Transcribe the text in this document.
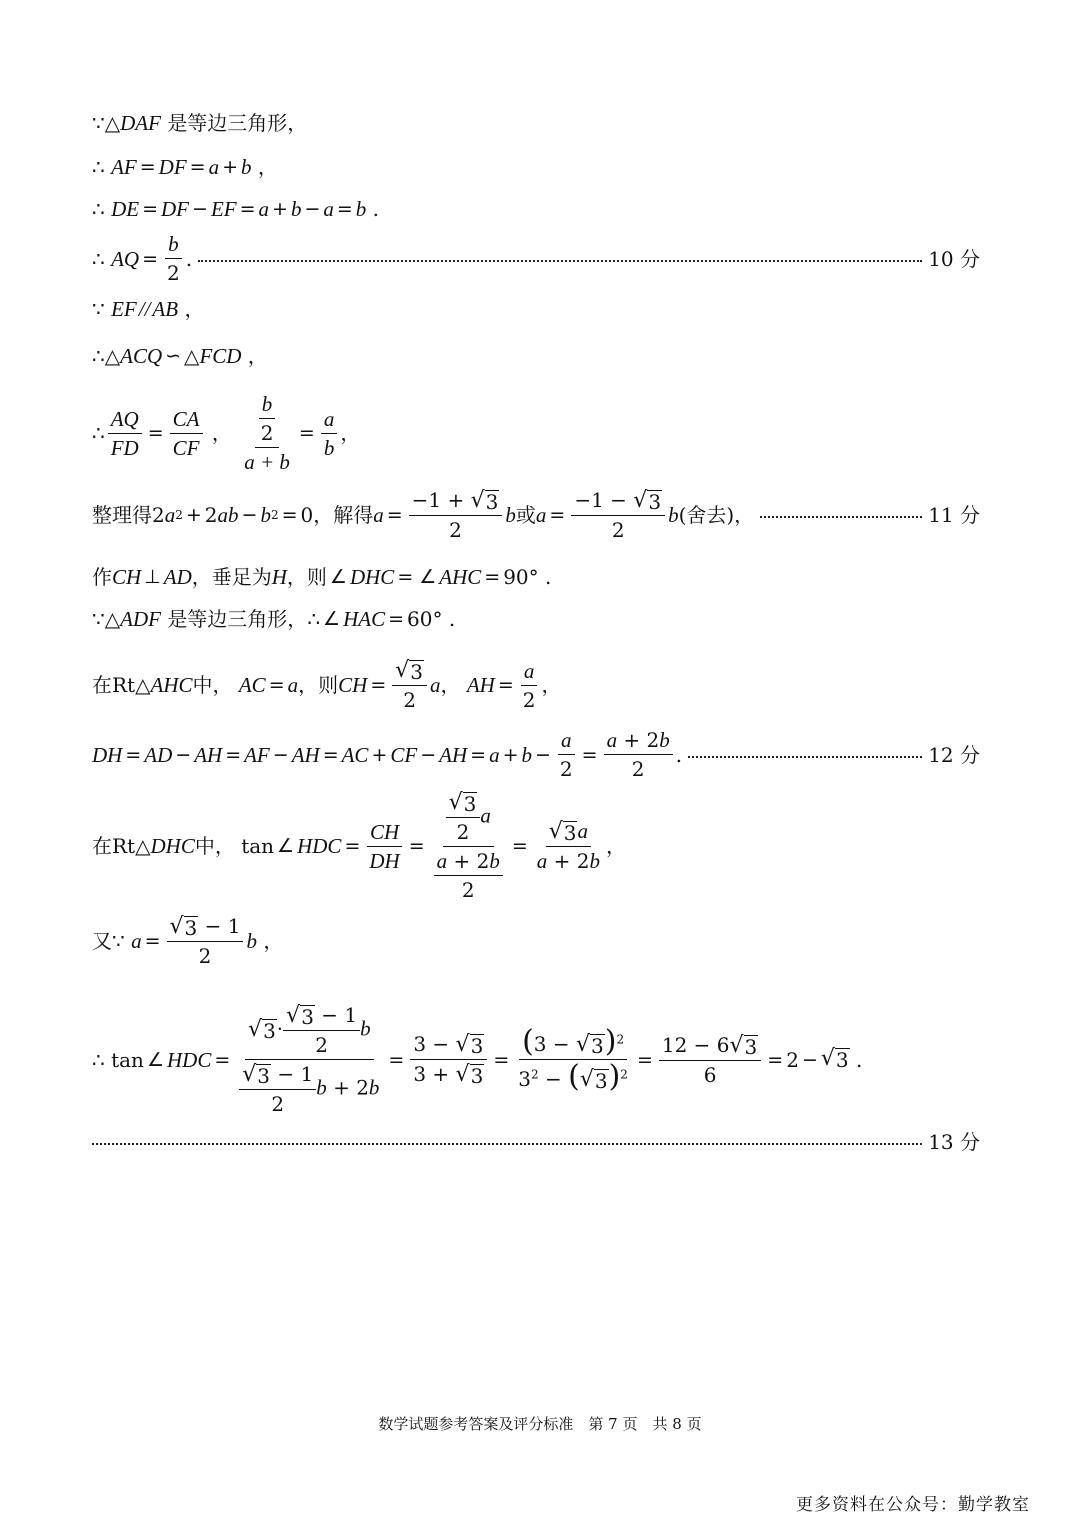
∵ △ DAF
是等边三角形，
∴
AF = DF = a + b
，
∴
DE = DF − EF = a + b − a = b .
∴
AQ = $\frac{b}{2}$ .	10 分
∵
EF // AB
，
∴ △ ACQ ∽ △ FCD
，
∴ $\frac{AQ}{FD} = \frac{CA}{CF}$
，
$\frac{\frac{b}{2}}{a + b} = \frac{a}{b}$ ，
整理得 2 a 2 + 2 ab − b 2 = 0 ，解得 $a = \frac{-1 + √ 3}{2}$ b 或 $a = \frac{-1 - √ 3}{2}$ b (舍去)，	11 分
作 CH ⊥ AD ，垂足为 H ，则 ∠ DHC = ∠ AHC = 90° .
∵ △ ADF
是等边三角形， ∴ ∠ HAC = 60° .
在 Rt △ AHC 中，
AC = a ，则 CH = $\frac{√ 3}{2}$ a ，
AH = $\frac{a}{2}$ ，
DH = AD − AH = AF − AH = AC + CF − AH = $a + b - \frac{a}{2} = \frac{a + 2b}{2}$ .	12 分
在 Rt △ DHC 中，
tan ∠ HDC = $\frac{CH}{DH} = \frac{\frac{√ 3}{2} a}{\frac{a + 2b}{2}} = \frac{√ 3 a}{a + 2b}$ ，
又 ∵
$a = \frac{√ 3 - 1}{2}$ b
，
∴
tan ∠ HDC = $\frac{√ 3 \cdot \frac{√ 3 - 1}{2} b}{\frac{√ 3 - 1}{2} b + 2b} = \frac{3 - √ 3}{3 + √ 3} = \frac{(3 - √ 3 )^2}{3^2 - ( √ 3 )^2} = \frac{12 - 6 √ 3}{6} = 2$ − √ 3 .
13 分
数学试题参考答案及评分标准　第 7 页　共 8 页
更多资料在公众号：勤学教室
